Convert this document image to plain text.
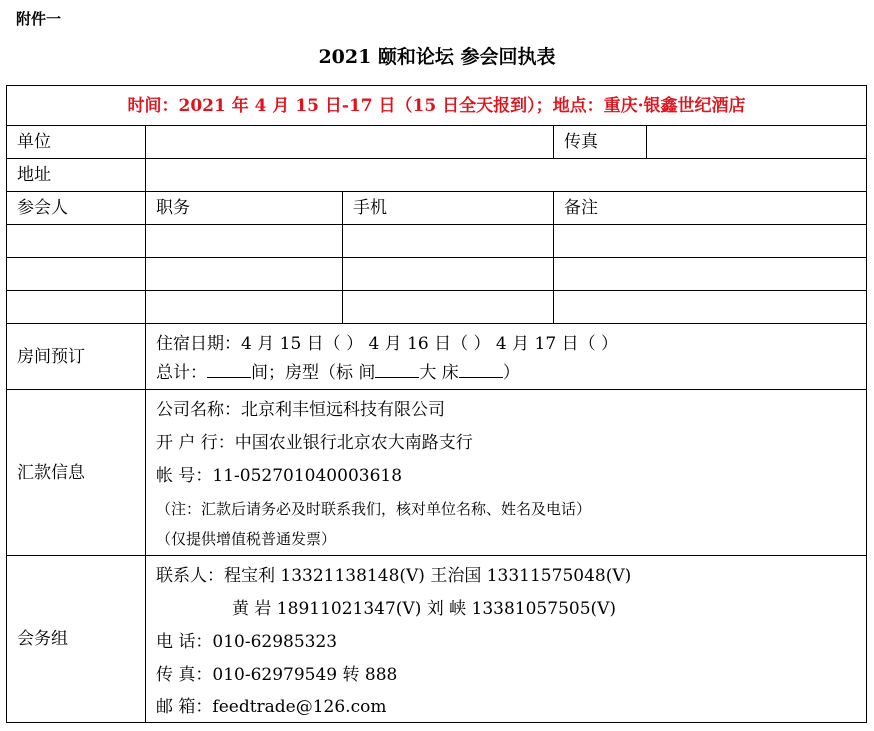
附件一
2021 颐和论坛 参会回执表
时间：2021 年 4 月 15 日-17 日（15 日全天报到）；地点：重庆·银鑫世纪酒店				
单位			传真	
地址				
参会人	职务	手机	备注	

房间预订	住宿日期：4 月 15 日（ ） 4 月 16 日（ ） 4 月 17 日（ ）
总计： 间；房型（标 间 大 床 ）			

汇款信息	公司名称：北京利丰恒远科技有限公司
开 户 行：中国农业银行北京农大南路支行
帐 号：11-052701040003618
（注：汇款后请务必及时联系我们，核对单位名称、姓名及电话）
（仅提供增值税普通发票）			

会务组	联系人：程宝利 13321138148(V) 王治国 13311575048(V)
黄 岩 18911021347(V) 刘 峡 13381057505(V)
电 话：010-62985323
传 真：010-62979549 转 888
邮 箱：feedtrade@126.com			
